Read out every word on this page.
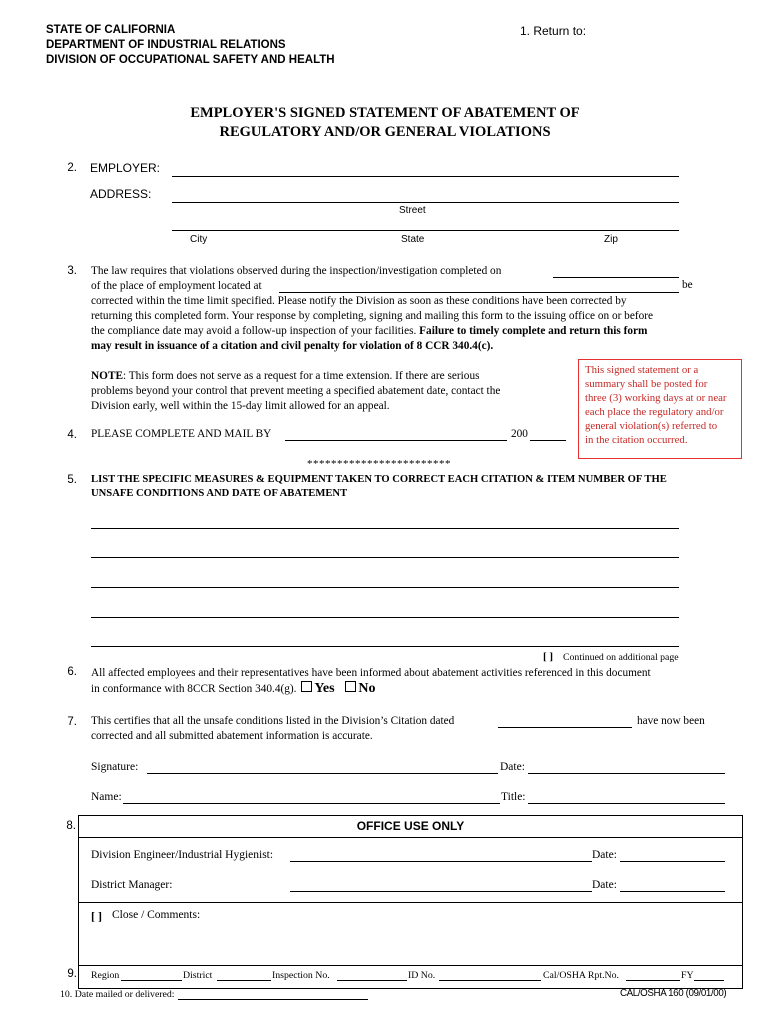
STATE OF CALIFORNIA
DEPARTMENT OF INDUSTRIAL RELATIONS
DIVISION OF OCCUPATIONAL SAFETY AND HEALTH
1. Return to:
EMPLOYER'S SIGNED STATEMENT OF ABATEMENT OF
REGULATORY AND/OR GENERAL VIOLATIONS
2. EMPLOYER:
ADDRESS:
Street
City	State	Zip
3. The law requires that violations observed during the inspection/investigation completed on
of the place of employment located at
corrected within the time limit specified. Please notify the Division as soon as these conditions have been corrected by
returning this completed form. Your response by completing, signing and mailing this form to the issuing office on or before
the compliance date may avoid a follow-up inspection of your facilities. Failure to timely complete and return this form
may result in issuance of a citation and civil penalty for violation of 8 CCR 340.4(c).
be
NOTE: This form does not serve as a request for a time extension. If there are serious
problems beyond your control that prevent meeting a specified abatement date, contact the
Division early, well within the 15-day limit allowed for an appeal.
This signed statement or a
summary shall be posted for
three (3) working days at or near
each place the regulatory and/or
general violation(s) referred to
in the citation occurred.
4. PLEASE COMPLETE AND MAIL BY	200
************************
5. LIST THE SPECIFIC MEASURES & EQUIPMENT TAKEN TO CORRECT EACH CITATION & ITEM NUMBER OF THE
UNSAFE CONDITIONS AND DATE OF ABATEMENT
[ ] Continued on additional page
6. All affected employees and their representatives have been informed about abatement activities referenced in this document
in conformance with 8CCR Section 340.4(g). Yes No
7. This certifies that all the unsafe conditions listed in the Division’s Citation dated	have now been
corrected and all submitted abatement information is accurate.
Signature:	Date:
Name:	Title:
8.	OFFICE USE ONLY
Division Engineer/Industrial Hygienist:	Date:
District Manager:	Date:
[ ] Close / Comments:
9. Region	District	Inspection No.	ID No.	Cal/OSHA Rpt.No.	FY
10. Date mailed or delivered:	CAL/OSHA 160 (09/01/00)
